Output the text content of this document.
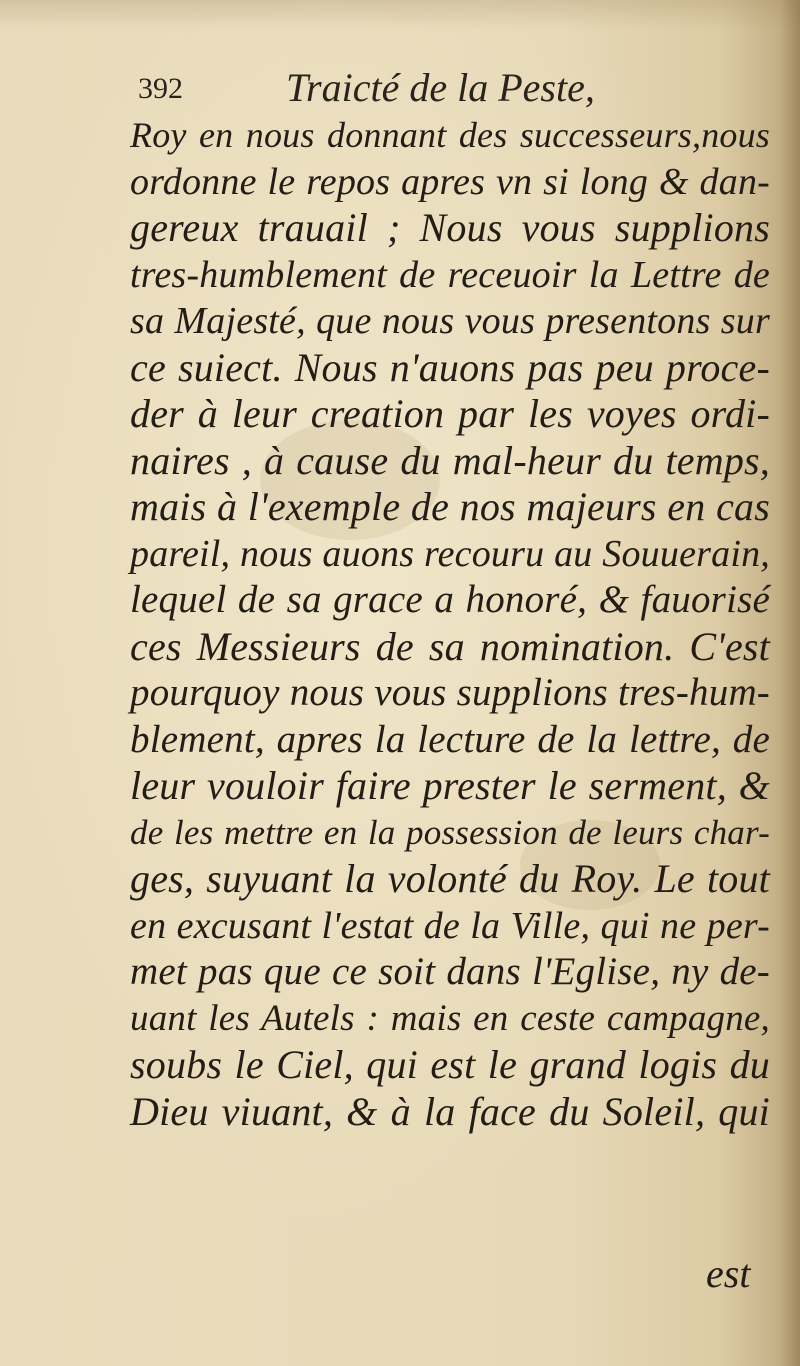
392	Traicté de la Peste,
Roy en nous donnant des successeurs,nous
ordonne le repos apres vn si long & dan-
gereux trauail ; Nous vous supplions
tres-humblement de receuoir la Lettre de
sa Majesté, que nous vous presentons sur
ce suiect. Nous n'auons pas peu proce-
der à leur creation par les voyes ordi-
naires , à cause du mal-heur du temps,
mais à l'exemple de nos majeurs en cas
pareil, nous auons recouru au Souuerain,
lequel de sa grace a honoré, & fauorisé
ces Messieurs de sa nomination. C'est
pourquoy nous vous supplions tres-hum-
blement, apres la lecture de la lettre, de
leur vouloir faire prester le serment, &
de les mettre en la possession de leurs char-
ges, suyuant la volonté du Roy. Le tout
en excusant l'estat de la Ville, qui ne per-
met pas que ce soit dans l'Eglise, ny de-
uant les Autels : mais en ceste campagne,
soubs le Ciel, qui est le grand logis du
Dieu viuant, & à la face du Soleil, qui
est
